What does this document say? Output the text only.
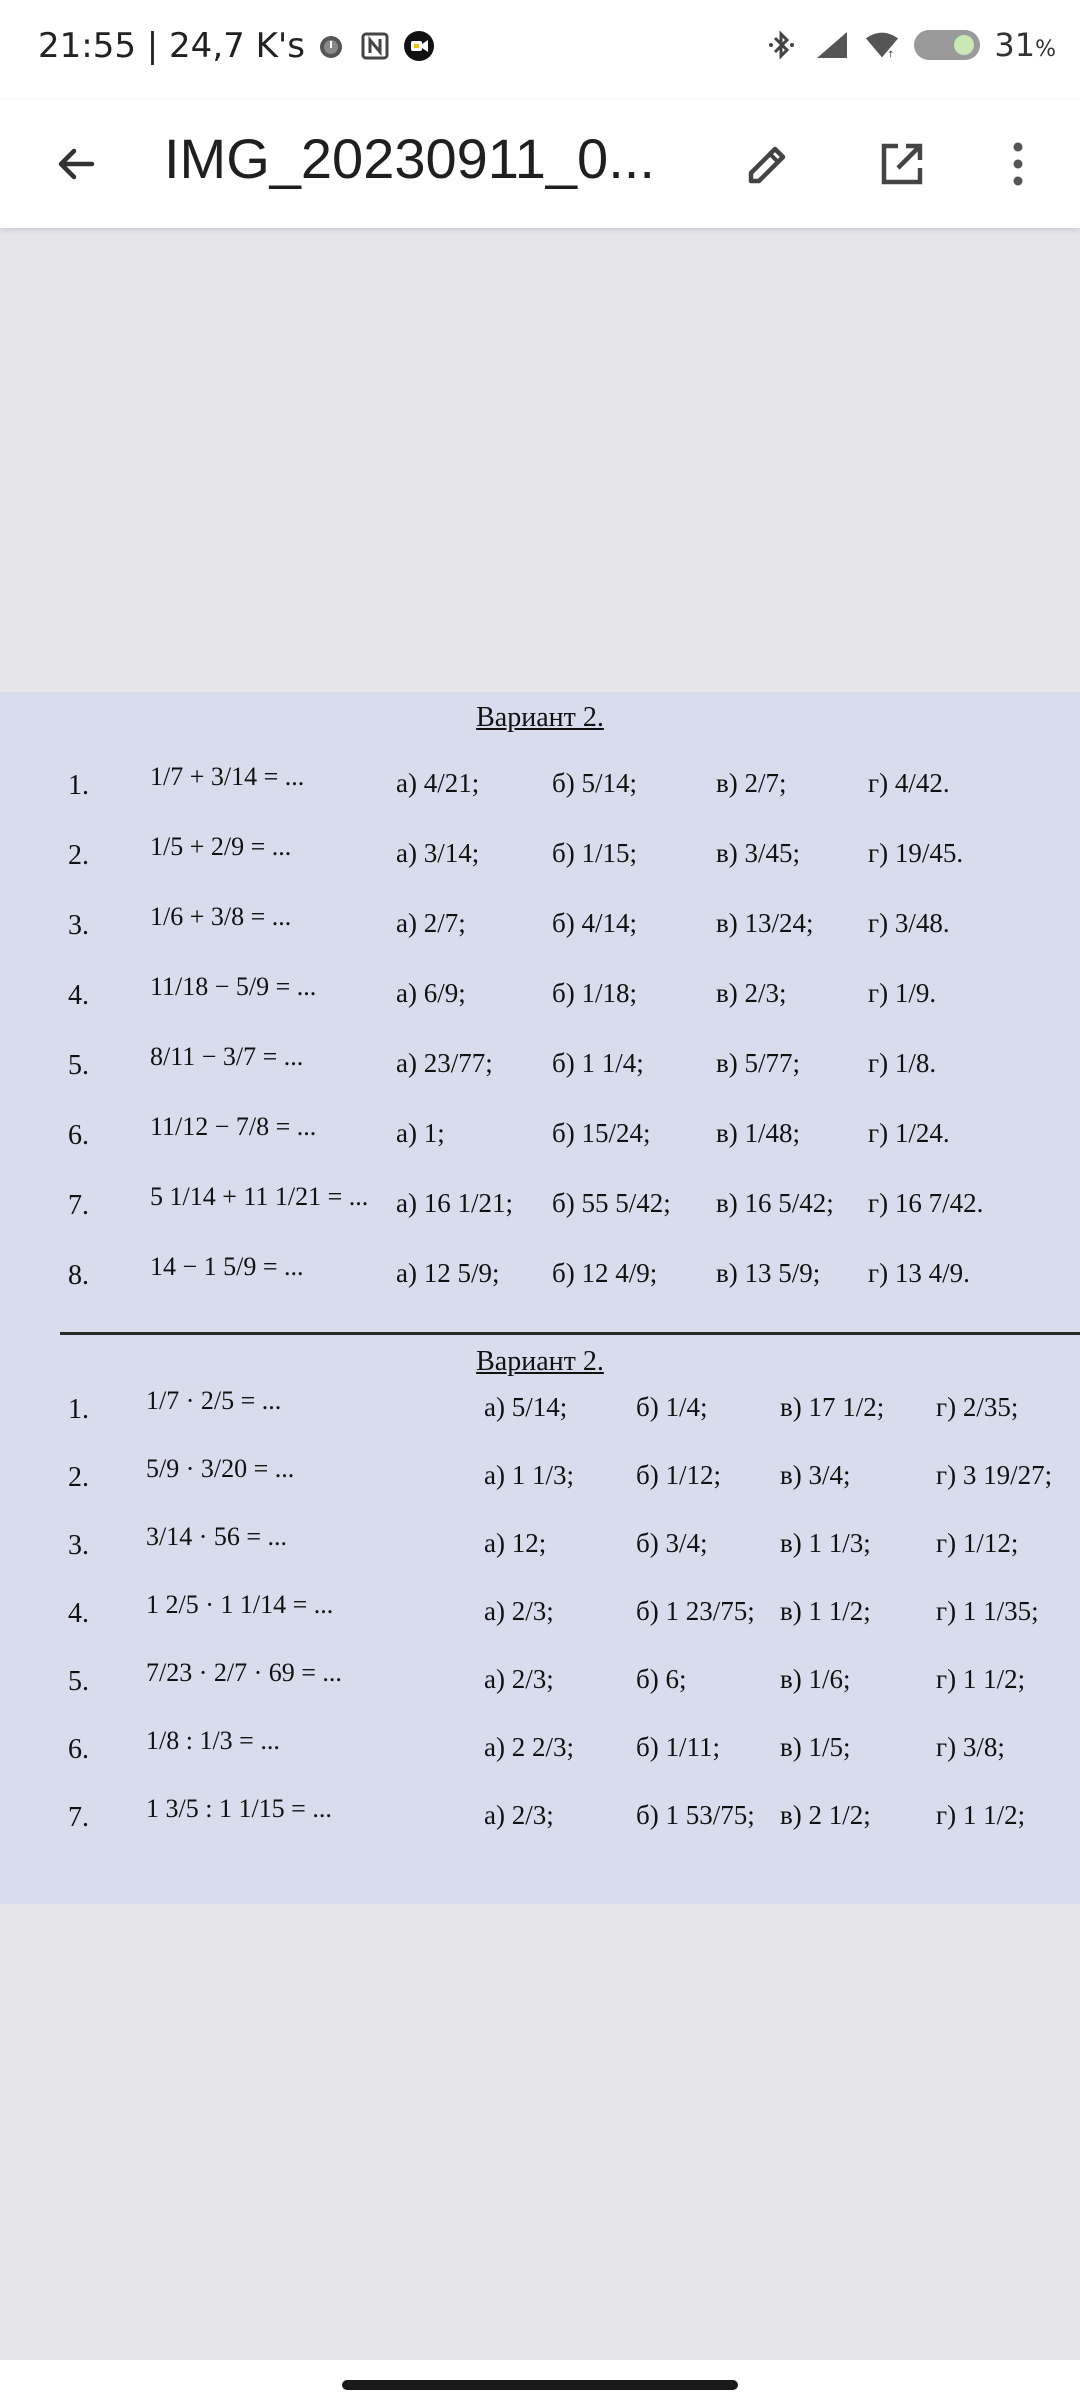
21:55 | 24,7 K's	↑	31%
IMG_20230911_0...
Вариант 2.
1. 1/7 + 3/14 = ...	а) 4/21;	б) 5/14;	в) 2/7;	г) 4/42.
2. 1/5 + 2/9 = ...	а) 3/14;	б) 1/15;	в) 3/45;	г) 19/45.
3. 1/6 + 3/8 = ...	а) 2/7;	б) 4/14;	в) 13/24; г) 3/48.
4. 11/18 − 5/9 = ...	а) 6/9;	б) 1/18;	в) 2/3;	г) 1/9.
5. 8/11 − 3/7 = ...	а) 23/77; б) 1 1/4;	в) 5/77;	г) 1/8.
6. 11/12 − 7/8 = ...	а) 1;	б) 15/24; в) 1/48;	г) 1/24.
7. 5 1/14 + 11 1/21 = ... а) 16 1/21; б) 55 5/42; в) 16 5/42; г) 16 7/42.
8. 14 − 1 5/9 = ...	а) 12 5/9; б) 12 4/9; в) 13 5/9; г) 13 4/9.
Вариант 2.
1. 1/7 · 2/5 = ...	а) 5/14;	б) 1/4;	в) 17 1/2; г) 2/35;
2. 5/9 · 3/20 = ...	а) 1 1/3; б) 1/12; в) 3/4;	г) 3 19/27;
3. 3/14 · 56 = ...	а) 12;	б) 3/4;	в) 1 1/3; г) 1/12;
4. 1 2/5 · 1 1/14 = ...	а) 2/3;	б) 1 23/75; в) 1 1/2; г) 1 1/35;
5. 7/23 · 2/7 · 69 = ...	а) 2/3;	б) 6;	в) 1/6;	г) 1 1/2;
6. 1/8 : 1/3 = ...	а) 2 2/3; б) 1/11; в) 1/5;	г) 3/8;
7. 1 3/5 : 1 1/15 = ...	а) 2/3;	б) 1 53/75; в) 2 1/2; г) 1 1/2;
